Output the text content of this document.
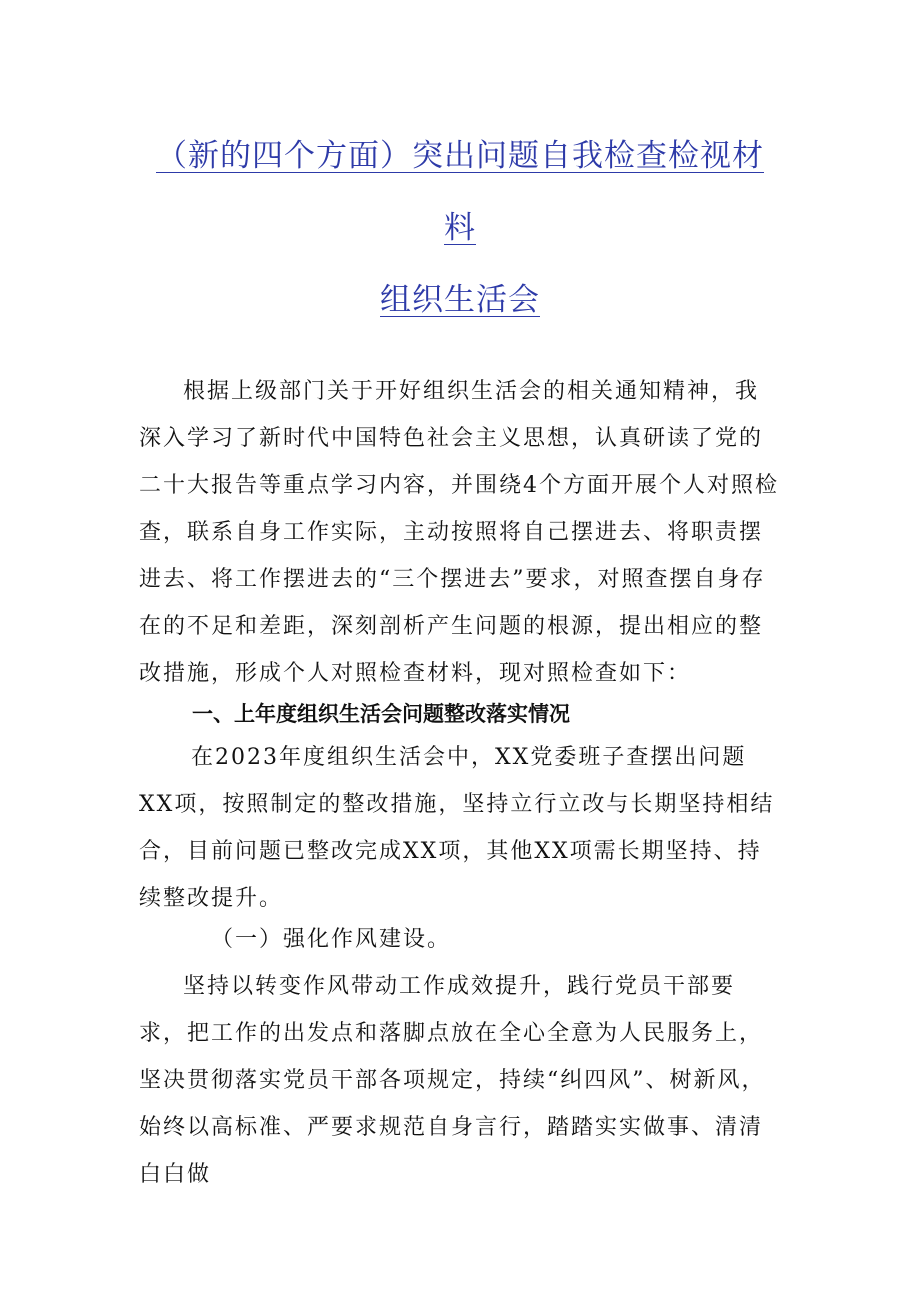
（新的四个方面）突出问题自我检查检视材
料
组织生活会

根据上级部门关于开好组织生活会的相关通知精神，我深入学习了新时代中国特色社会主义思想，认真研读了党的二十大报告等重点学习内容，并围绕4个方面开展个人对照检查，联系自身工作实际，主动按照将自己摆进去、将职责摆进去、将工作摆进去的“三个摆进去”要求，对照查摆自身存在的不足和差距，深刻剖析产生问题的根源，提出相应的整改措施，形成个人对照检查材料，现对照检查如下：

一、上年度组织生活会问题整改落实情况

在2023年度组织生活会中，XX党委班子查摆出问题XX项，按照制定的整改措施，坚持立行立改与长期坚持相结合，目前问题已整改完成XX项，其他XX项需长期坚持、持续整改提升。

（一）强化作风建设。

坚持以转变作风带动工作成效提升，践行党员干部要求，把工作的出发点和落脚点放在全心全意为人民服务上，坚决贯彻落实党员干部各项规定，持续“纠四风”、树新风，始终以高标准、严要求规范自身言行，踏踏实实做事、清清白白做
